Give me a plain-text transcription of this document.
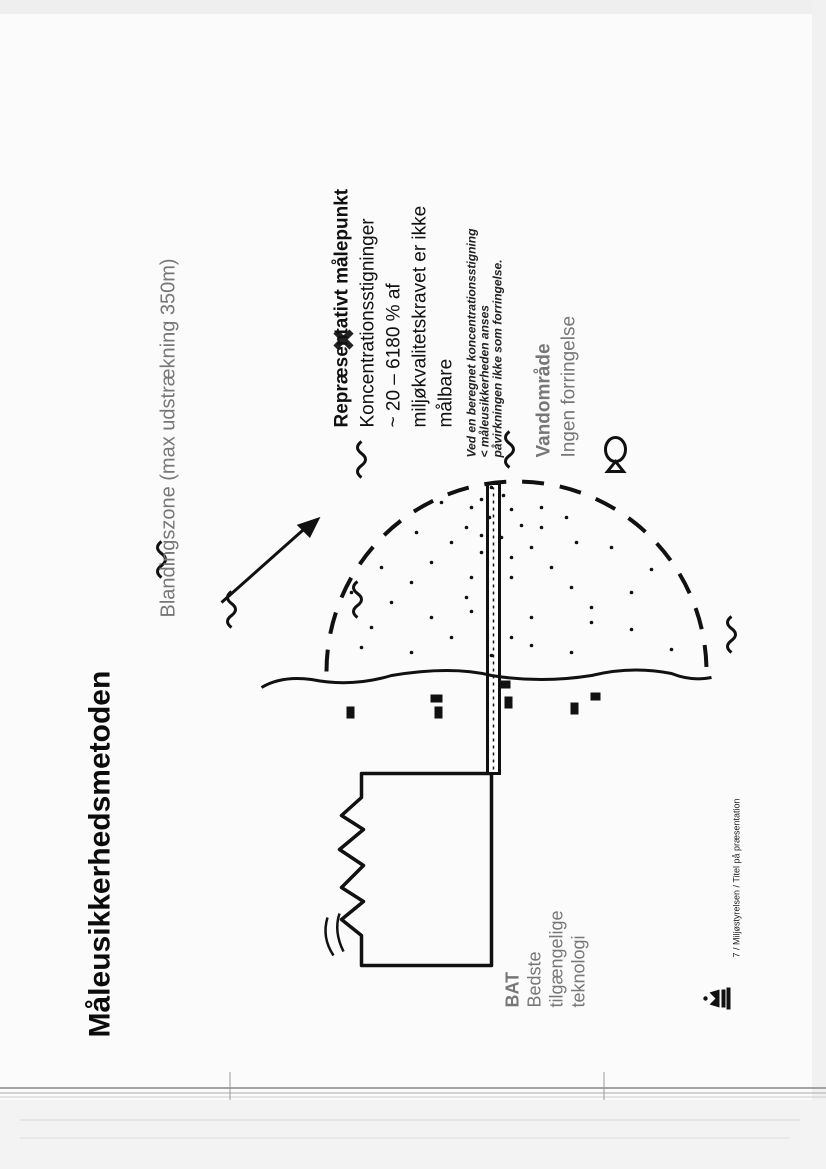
Måleusikkerhedsmetoden
Blandingszone (max udstrækning 350m)	Repræsentativt målepunkt Koncentrationsstigninger ~ 20 – 6180 % af miljøkvalitetskravet er ikke målbare Ved en beregnet koncentrationsstigning < måleusikkerheden anses påvirkningen ikke som forringelse. Vandområde Ingen forringelse
BAT Bedste tilgængelige teknologi
7 / Miljøstyrelsen / Titel på præsentation
